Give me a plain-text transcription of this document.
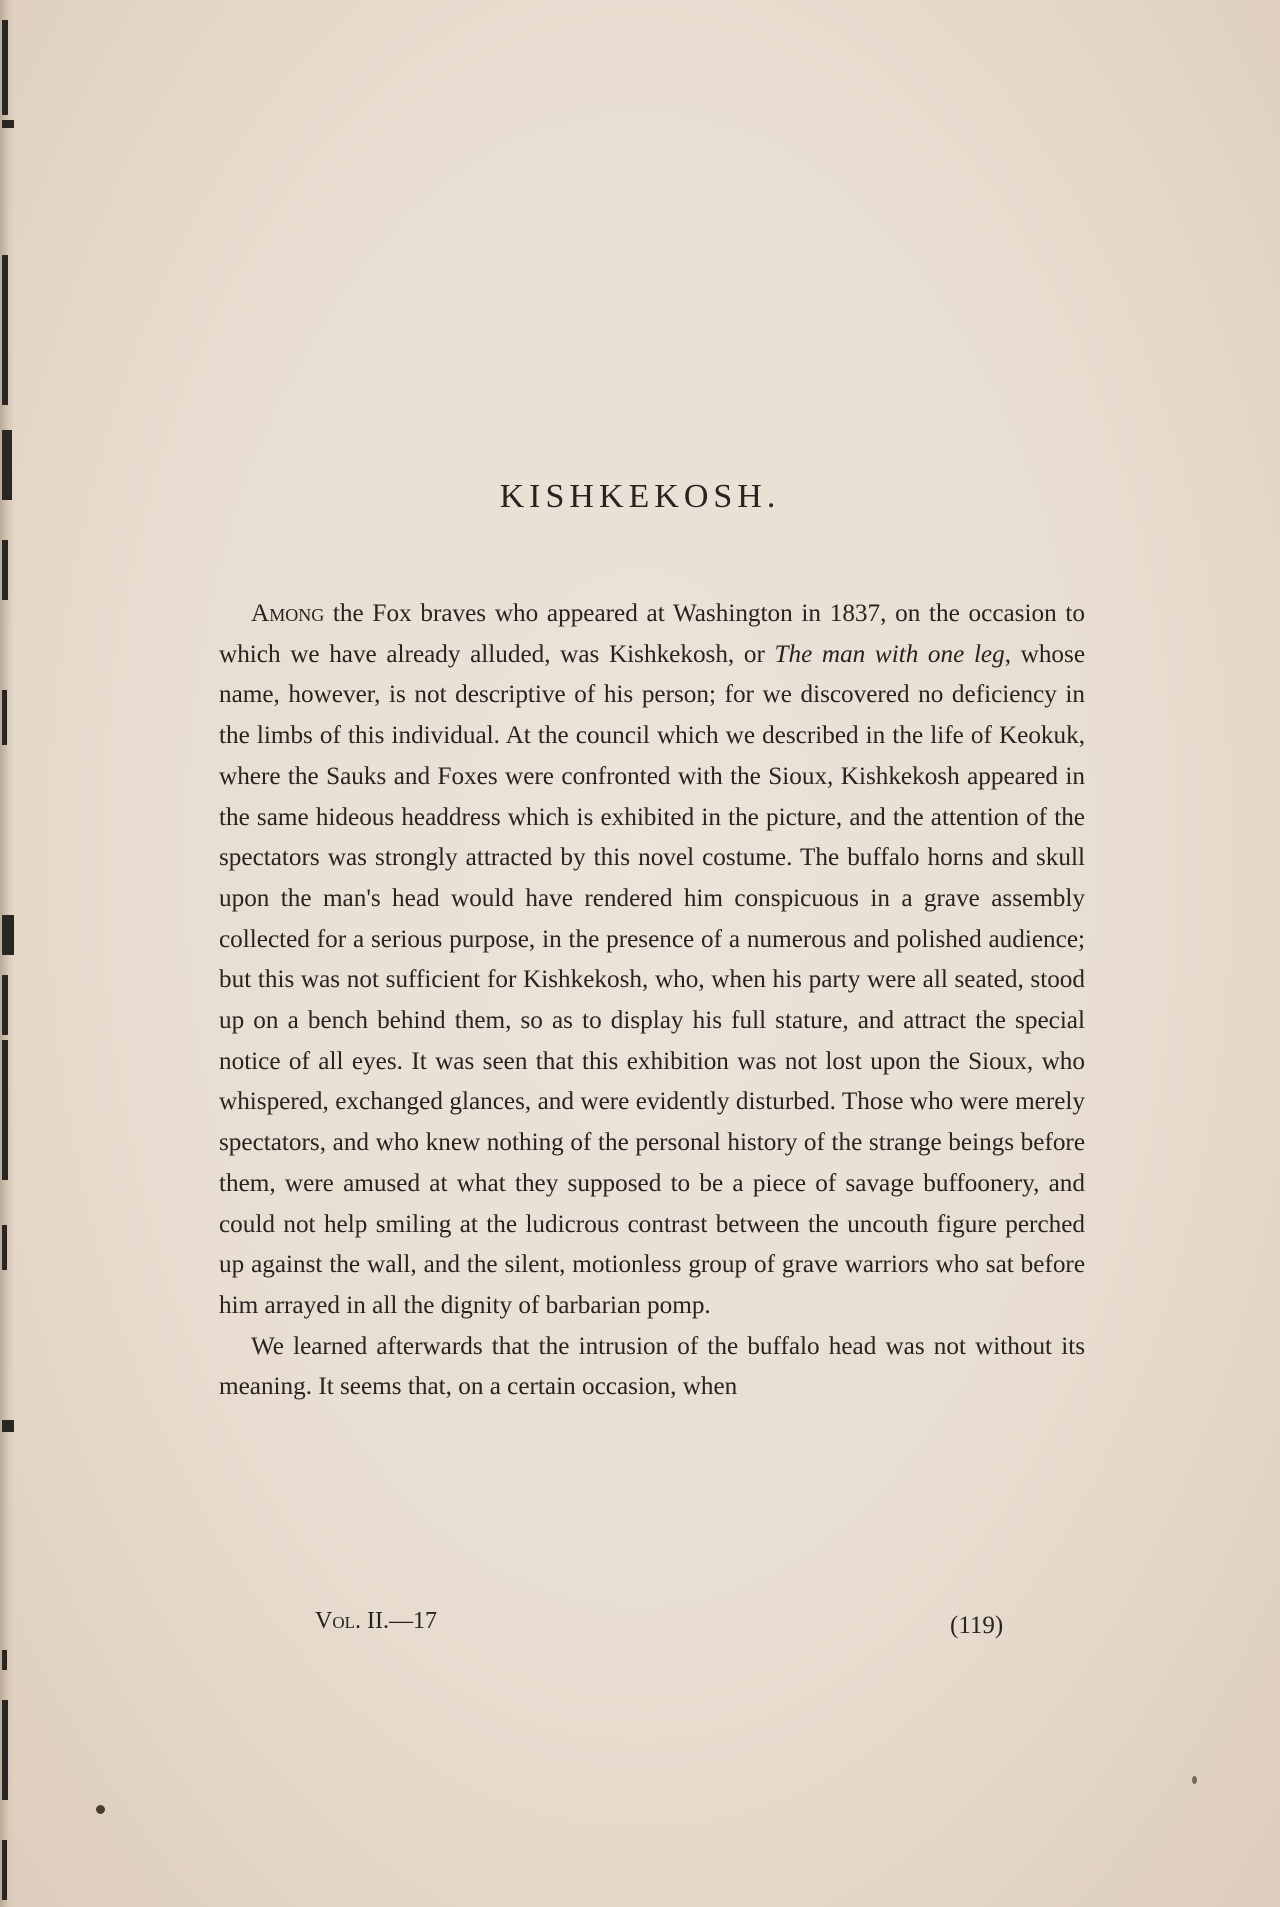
KISHKEKOSH.

Among the Fox braves who appeared at Washington in 1837, on the occasion to which we have already alluded, was Kishkekosh, or The man with one leg, whose name, however, is not descriptive of his person; for we discovered no deficiency in the limbs of this individual. At the council which we described in the life of Keokuk, where the Sauks and Foxes were confronted with the Sioux, Kishkekosh appeared in the same hideous headdress which is exhibited in the picture, and the attention of the spectators was strongly attracted by this novel costume. The buffalo horns and skull upon the man's head would have rendered him conspicuous in a grave assembly collected for a serious purpose, in the presence of a numerous and polished audience; but this was not sufficient for Kishkekosh, who, when his party were all seated, stood up on a bench behind them, so as to display his full stature, and attract the special notice of all eyes. It was seen that this exhibition was not lost upon the Sioux, who whispered, exchanged glances, and were evidently disturbed. Those who were merely spectators, and who knew nothing of the personal history of the strange beings before them, were amused at what they supposed to be a piece of savage buffoonery, and could not help smiling at the ludicrous contrast between the uncouth figure perched up against the wall, and the silent, motionless group of grave warriors who sat before him arrayed in all the dignity of barbarian pomp.

We learned afterwards that the intrusion of the buffalo head was not without its meaning. It seems that, on a certain occasion, when

Vol. II.—17	(119)
